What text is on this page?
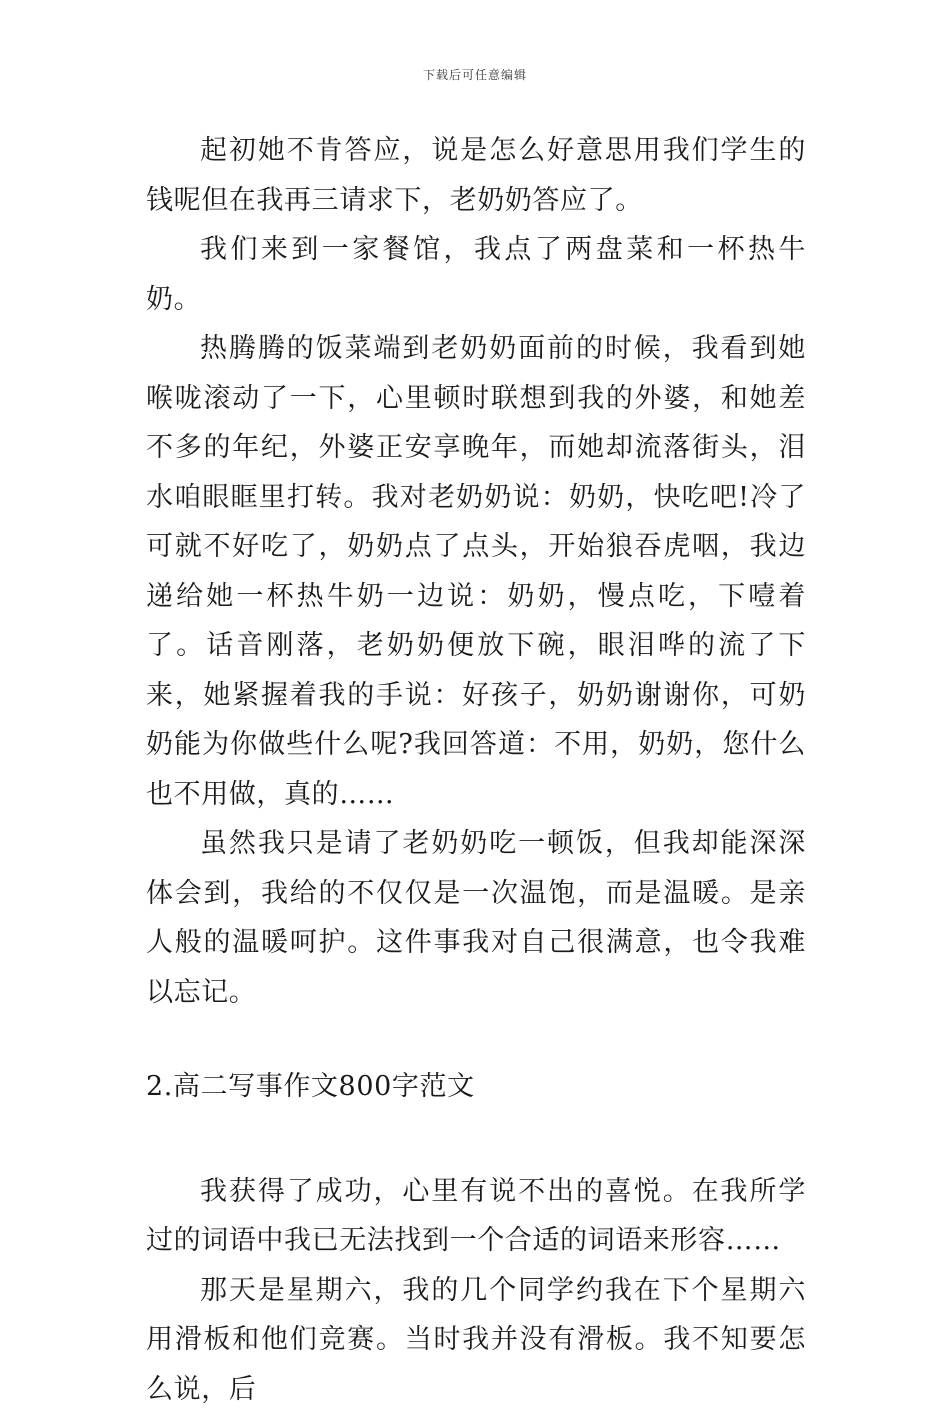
下载后可任意编辑

起初她不肯答应，说是怎么好意思用我们学生的钱呢但在我再三请求下，老奶奶答应了。

我们来到一家餐馆，我点了两盘菜和一杯热牛奶。

热腾腾的饭菜端到老奶奶面前的时候，我看到她喉咙滚动了一下，心里顿时联想到我的外婆，和她差不多的年纪，外婆正安享晚年，而她却流落街头，泪水咱眼眶里打转。我对老奶奶说：奶奶，快吃吧!冷了可就不好吃了，奶奶点了点头，开始狼吞虎咽，我边递给她一杯热牛奶一边说：奶奶，慢点吃，下噎着了。话音刚落，老奶奶便放下碗，眼泪哗的流了下来，她紧握着我的手说：好孩子，奶奶谢谢你，可奶奶能为你做些什么呢?我回答道：不用，奶奶，您什么也不用做，真的……

虽然我只是请了老奶奶吃一顿饭，但我却能深深体会到，我给的不仅仅是一次温饱，而是温暖。是亲人般的温暖呵护。这件事我对自己很满意，也令我难以忘记。

2.高二写事作文800字范文

我获得了成功，心里有说不出的喜悦。在我所学过的词语中我已无法找到一个合适的词语来形容……

那天是星期六，我的几个同学约我在下个星期六用滑板和他们竞赛。当时我并没有滑板。我不知要怎么说，后
